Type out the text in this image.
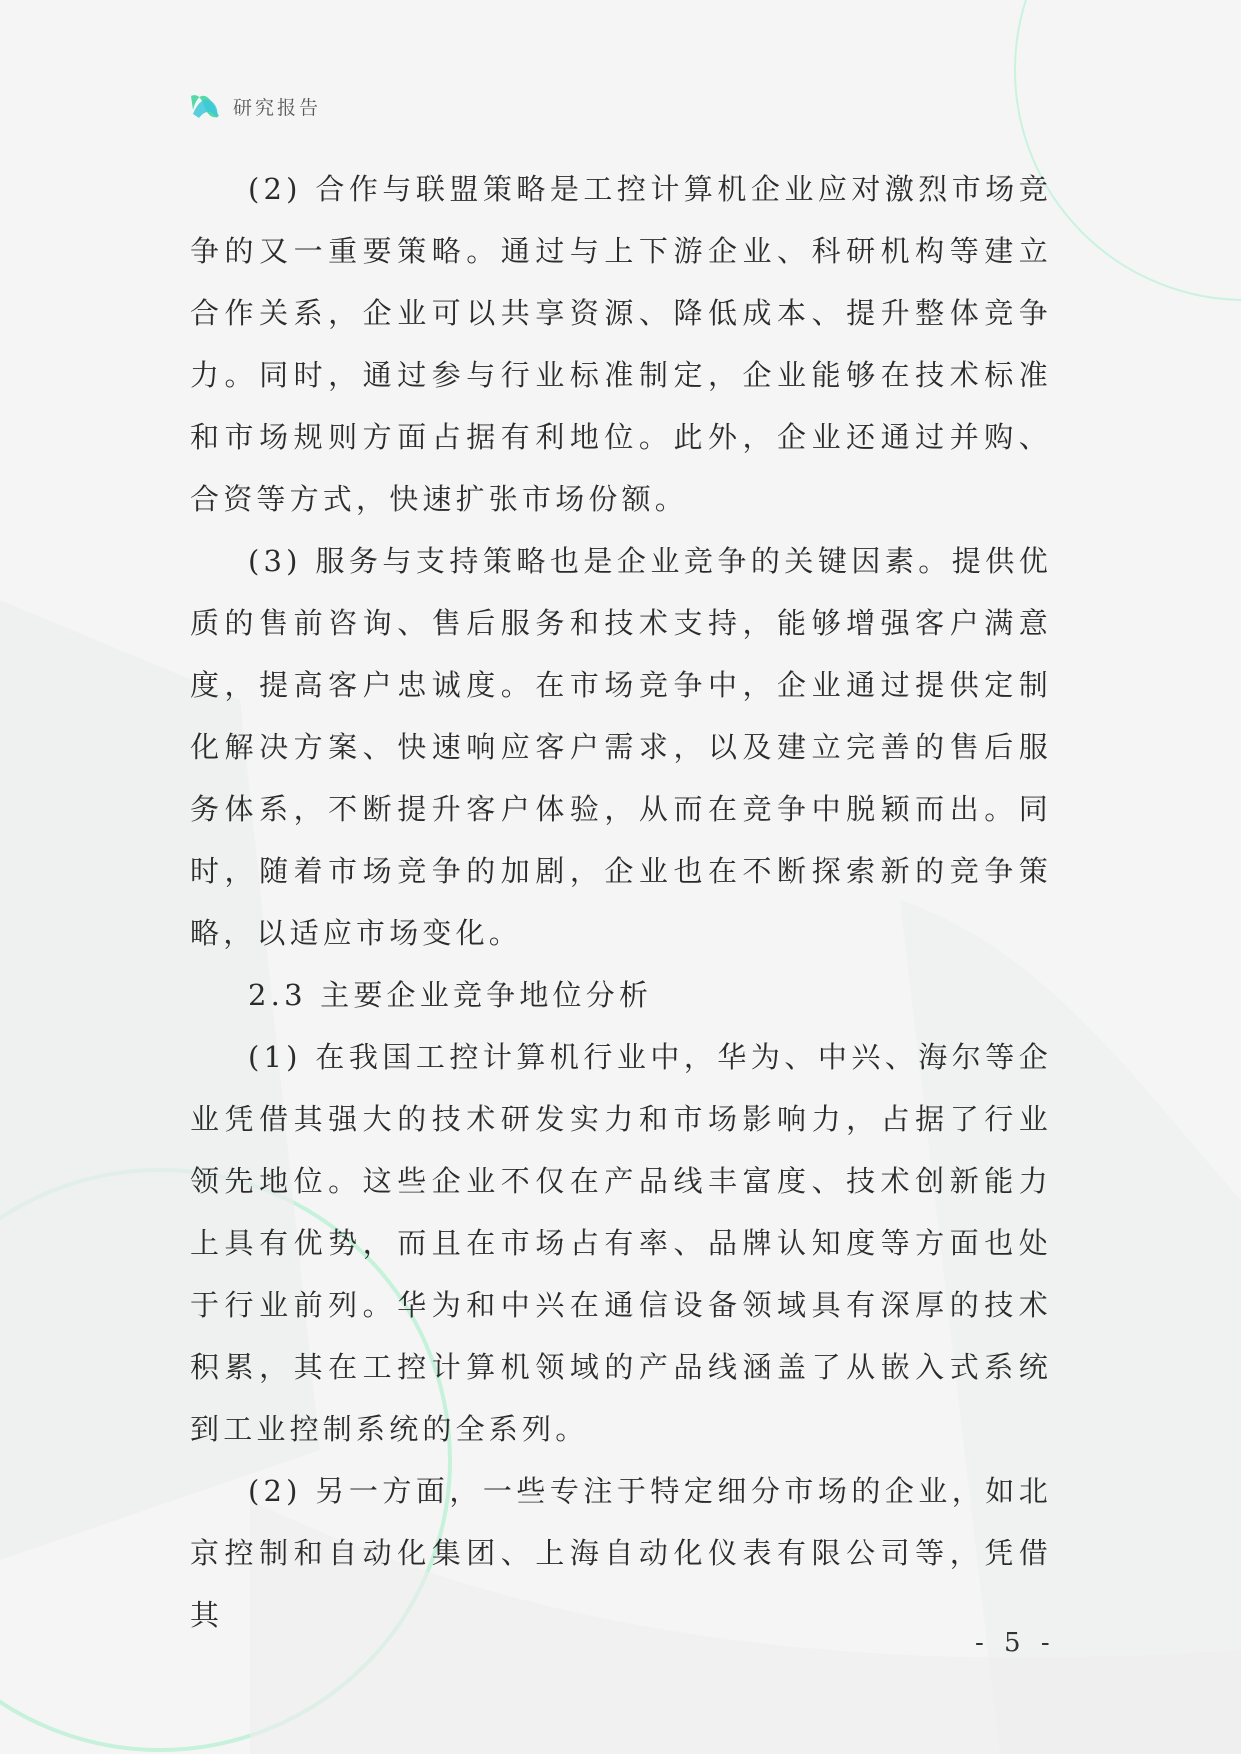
研究报告

(2) 合作与联盟策略是工控计算机企业应对激烈市场竞争的又一重要策略。通过与上下游企业、科研机构等建立合作关系，企业可以共享资源、降低成本、提升整体竞争力。同时，通过参与行业标准制定，企业能够在技术标准和市场规则方面占据有利地位。此外，企业还通过并购、合资等方式，快速扩张市场份额。

(3) 服务与支持策略也是企业竞争的关键因素。提供优质的售前咨询、售后服务和技术支持，能够增强客户满意度，提高客户忠诚度。在市场竞争中，企业通过提供定制化解决方案、快速响应客户需求，以及建立完善的售后服务体系，不断提升客户体验，从而在竞争中脱颖而出。同时，随着市场竞争的加剧，企业也在不断探索新的竞争策略，以适应市场变化。

2.3 主要企业竞争地位分析

(1) 在我国工控计算机行业中，华为、中兴、海尔等企业凭借其强大的技术研发实力和市场影响力，占据了行业领先地位。这些企业不仅在产品线丰富度、技术创新能力上具有优势，而且在市场占有率、品牌认知度等方面也处于行业前列。华为和中兴在通信设备领域具有深厚的技术积累，其在工控计算机领域的产品线涵盖了从嵌入式系统到工业控制系统的全系列。

(2) 另一方面，一些专注于特定细分市场的企业，如北京控制和自动化集团、上海自动化仪表有限公司等，凭借其

- 5 -
